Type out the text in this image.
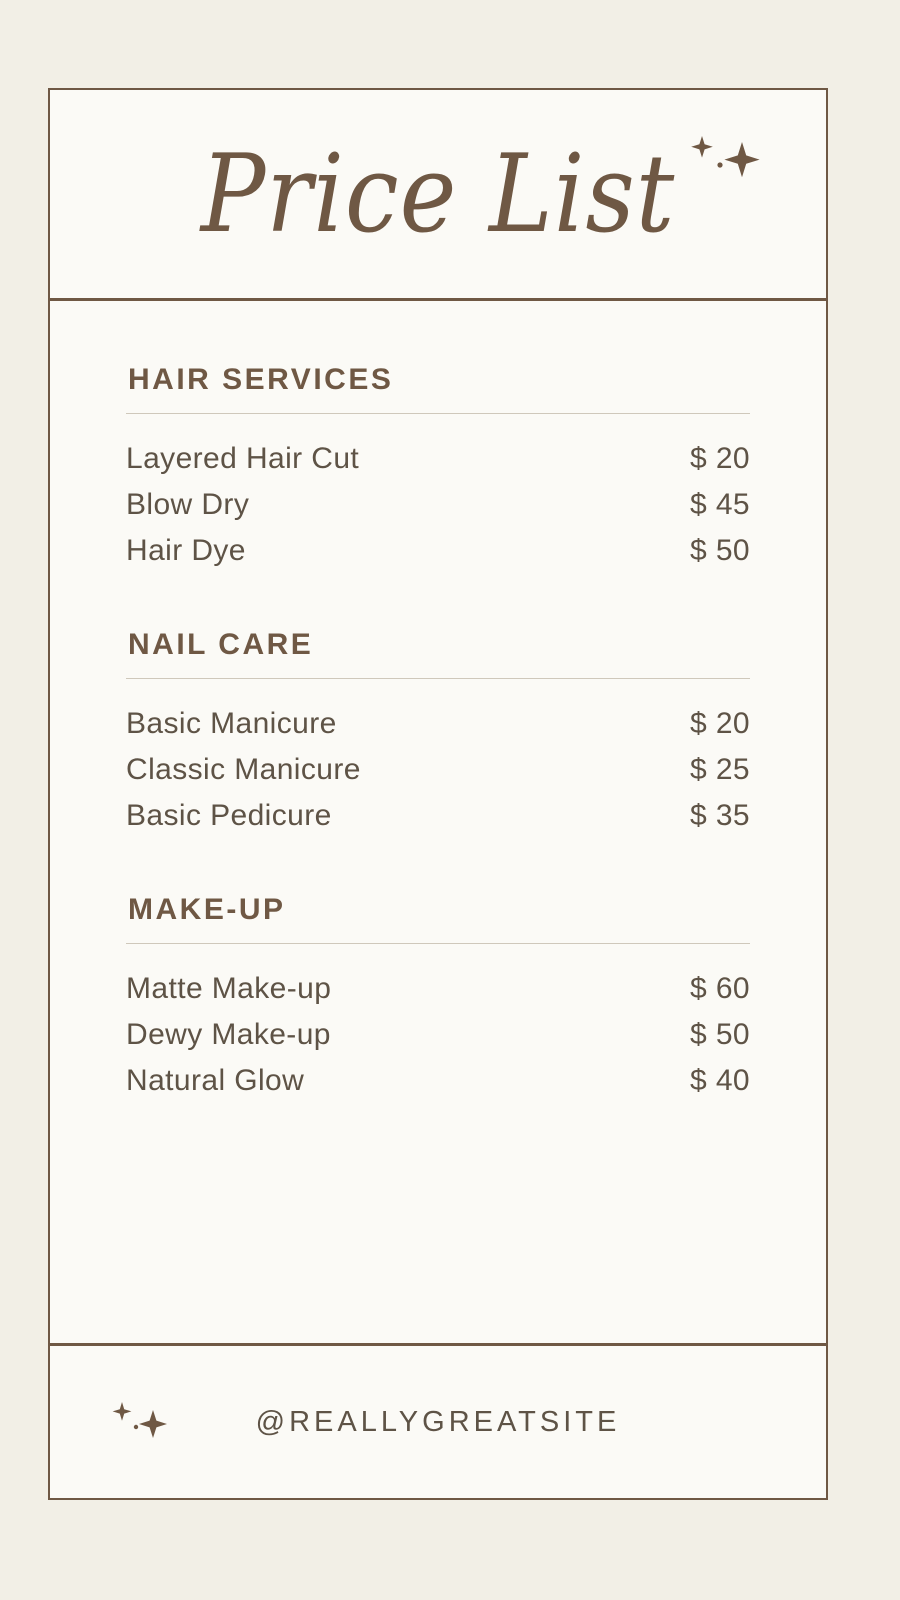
Price List
HAIR SERVICES
Layered Hair Cut	$ 20
Blow Dry	$ 45
Hair Dye	$ 50
NAIL CARE
Basic Manicure	$ 20
Classic Manicure	$ 25
Basic Pedicure	$ 35
MAKE-UP
Matte Make-up	$ 60
Dewy Make-up	$ 50
Natural Glow	$ 40
@REALLYGREATSITE
